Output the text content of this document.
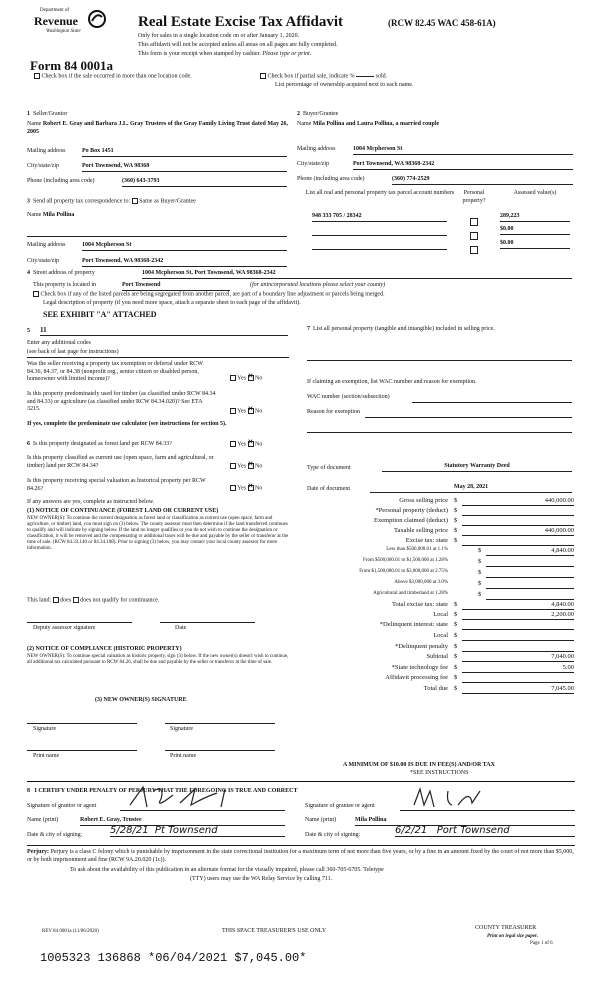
Department of
Revenue
Washington State
Form 84 0001a
Real Estate Excise Tax Affidavit	(RCW 82.45 WAC 458-61A)
Only for sales in a single location code on or after January 1, 2020.
This affidavit will not be accepted unless all areas on all pages are fully completed.
This form is your receipt when stamped by cashier. Please type or print.
Check box if the sale occurred in more than one location code.	Check box if partial sale, indicate %	sold.
List percentage of ownership acquired next to each name.
1 Seller/Grantor
Name Robert E. Gray and Barbara J.L. Gray Trustees of the Gray Family Living Trust dated May 26, 2005
Mailing address	Po Box 1451
City/state/zip	Port Townsend, WA 98368
Phone (including area code)	(360) 643-3793
2 Buyer/Grantee
Name Mila Pollina and Laura Pollina, a married couple
Mailing address	1004 Mcpherson St
City/state/zip	Port Townsend, WA 98368-2342
Phone (including area code)	(360) 774-2529
3 Send all property tax correspondence to: Same as Buyer/Grantee
Name Mila Pollina
Mailing address	1004 Mcpherson St
City/state/zip	Port Townsend, WA 98368-2342
List all real and personal property tax parcel account numbers	Personal property?
Assessed value(s)
948 333 705 / 28342	289,223
$0.00
$0.00
4 Street address of property	1004 Mcpherson St, Port Townsend, WA 98368-2342
This property is located in	Port Townsend	(for unincorporated locations please select your county)
Check box if any of the listed parcels are being segregated from another parcel, are part of a boundary line adjustment or parcels being merged.
Legal description of property (if you need more space, attach a separate sheet to each page of the affidavit).
SEE EXHIBIT "A" ATTACHED
5 11
Enter any additional codes
(see back of last page for instructions)
Was the seller receiving a property tax exemption or deferral under RCW 84.36, 84.37, or 84.38 (nonprofit org., senior citizen or disabled person, homeowner with limited income)?	Yes ✕ No
Is this property predominately used for timber (as classified under RCW 84.34 and 84.33) or agriculture (as classified under RCW 84.34.020)? See ETA 3215.	Yes ✕ No
If yes, complete the predominate use calculator (see instructions for section 5).
6 Is this property designated as forest land per RCW 84.33?	Yes ✕ No
Is this property classified as current use (open space, farm and agricultural, or timber) land per RCW 84.34?	Yes ✕ No
Is this property receiving special valuation as historical property per RCW 84.26?	Yes ✕ No
If any answers are yes, complete as instructed below.
(1) NOTICE OF CONTINUANCE (FOREST LAND OR CURRENT USE)
NEW OWNER(S): To continue the current designation as forest land or classification as current use (open space, farm and agriculture, or timber) land, you must sign on (3) below. The county assessor must then determine if the land transferred continues to qualify and will indicate by signing below. If the land no longer qualifies or you do not wish to continue the designation or classification, it will be removed and the compensating or additional taxes will be due and payable by the seller or transferor at the time of sale. (RCW 84.33.140 or 84.34.108). Prior to signing (3) below, you may contact your local county assessor for more information.
This land: does does not qualify for continuance.
Deputy assessor signature	Date
(2) NOTICE OF COMPLIANCE (HISTORIC PROPERTY)
NEW OWNER(S): To continue special valuation as historic property, sign (3) below. If the new owner(s) doesn't wish to continue, all additional tax calculated pursuant to RCW 84.26, shall be due and payable by the seller or transferor at the time of sale.
(3) NEW OWNER(S) SIGNATURE
Signature	Signature
Print name	Print name
7 List all personal property (tangible and intangible) included in selling price.
If claiming an exemption, list WAC number and reason for exemption.
WAC number (section/subsection)
Reason for exemption
Type of document	Statutory Warranty Deed
Date of document	May 28, 2021
Gross selling price $	440,000.00
*Personal property (deduct) $
Exemption claimed (deduct) $
Taxable selling price $	440,000.00
Excise tax: state $
Less than $500,000.01 at 1.1%	$	4,840.00
From $500,000.01 to $1,500,000 at 1.28%	$
From $1,500,000.01 to $3,000,000 at 2.75%	$
Above $3,000,000 at 3.0%	$
Agricultural and timberland at 1.28%	$
Total excise tax: state $	4,840.00
Local $	2,200.00
*Delinquent interest: state $
Local $
*Delinquent penalty $
Subtotal $	7,040.00
*State technology fee $	5.00
Affidavit processing fee $
Total due $	7,045.00
A MINIMUM OF $10.00 IS DUE IN FEE(S) AND/OR TAX
*SEE INSTRUCTIONS
8 I CERTIFY UNDER PENALTY OF PERJURY THAT THE FOREGOING IS TRUE AND CORRECT
Signature of grantor or agent	Signature of grantee or agent
Name (print)	Robert E. Gray, Trustee	Name (print)	Mila Pollina
Date & city of signing:	5/28/21 Pt Townsend	Date & city of signing:	6/2/21 Port Townsend
Perjury: Perjury is a class C felony which is punishable by imprisonment in the state correctional institution for a maximum term of not more than five years, or by a fine in an amount fixed by the court of not more than $5,000, or by both imprisonment and fine (RCW 9A.20.020 (1c)).
To ask about the availability of this publication in an alternate format for the visually impaired, please call 360-705-6705. Teletype
(TTY) users may use the WA Relay Service by calling 711.
REV 84 0001a (11/06/2020)	THIS SPACE TREASURER'S USE ONLY	COUNTY TREASURER
Print on legal size paper.
Page 1 of 6
1005323 136868 *06/04/2021 $7,045.00*
